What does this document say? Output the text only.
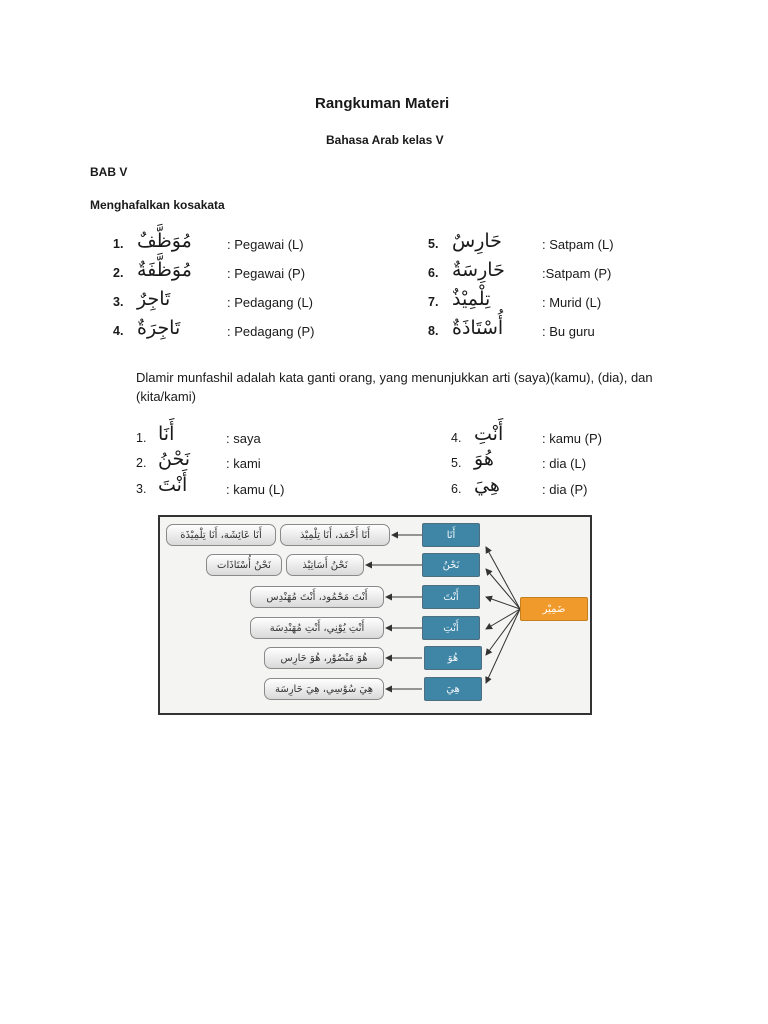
Rangkuman Materi
Bahasa Arab kelas V
BAB V
Menghafalkan kosakata
1. مُوَظَّفٌ	: Pegawai (L)
2. مُوَظَّفَةٌ	: Pegawai (P)
3. تَاجِرٌ	: Pedagang (L)
4. تَاجِرَةٌ	: Pedagang (P)
5. حَارِسٌ	: Satpam (L)
6. حَارِسَةٌ	:Satpam (P)
7. تِلْمِيْذٌ	: Murid (L)
8. أُسْتَاذَةٌ	: Bu guru
Dlamir munfashil adalah kata ganti orang, yang menunjukkan arti (saya)(kamu), (dia), dan (kita/kami)
1. أَنَا	: saya
2. نَحْنُ	: kami
3. أَنْتَ	: kamu (L)
4. أَنْتِ	: kamu (P)
5. هُوَ	: dia (L)
6. هِيَ	: dia (P)
أَنَا عَائِشَة، أَنَا تِلْمِيْذَة	أَنَا أَحْمَد، أَنَا تِلْمِيْذ	أَنَا
نَحْنُ أُسْتَاذَات	نَحْنُ أَسَاتِيْذ	نَحْنُ
أَنْتَ مَحْمُود، أَنْتَ مُهَنْدِس	أَنْتَ
أَنْتِ يُوْنِي، أَنْتِ مُهَنْدِسَة	أَنْتِ
هُوَ مَنْصُوْر، هُوَ حَارِس	هُوَ
هِيَ سُوْسِي، هِيَ حَارِسَة	هِيَ
ضَمِيْر
